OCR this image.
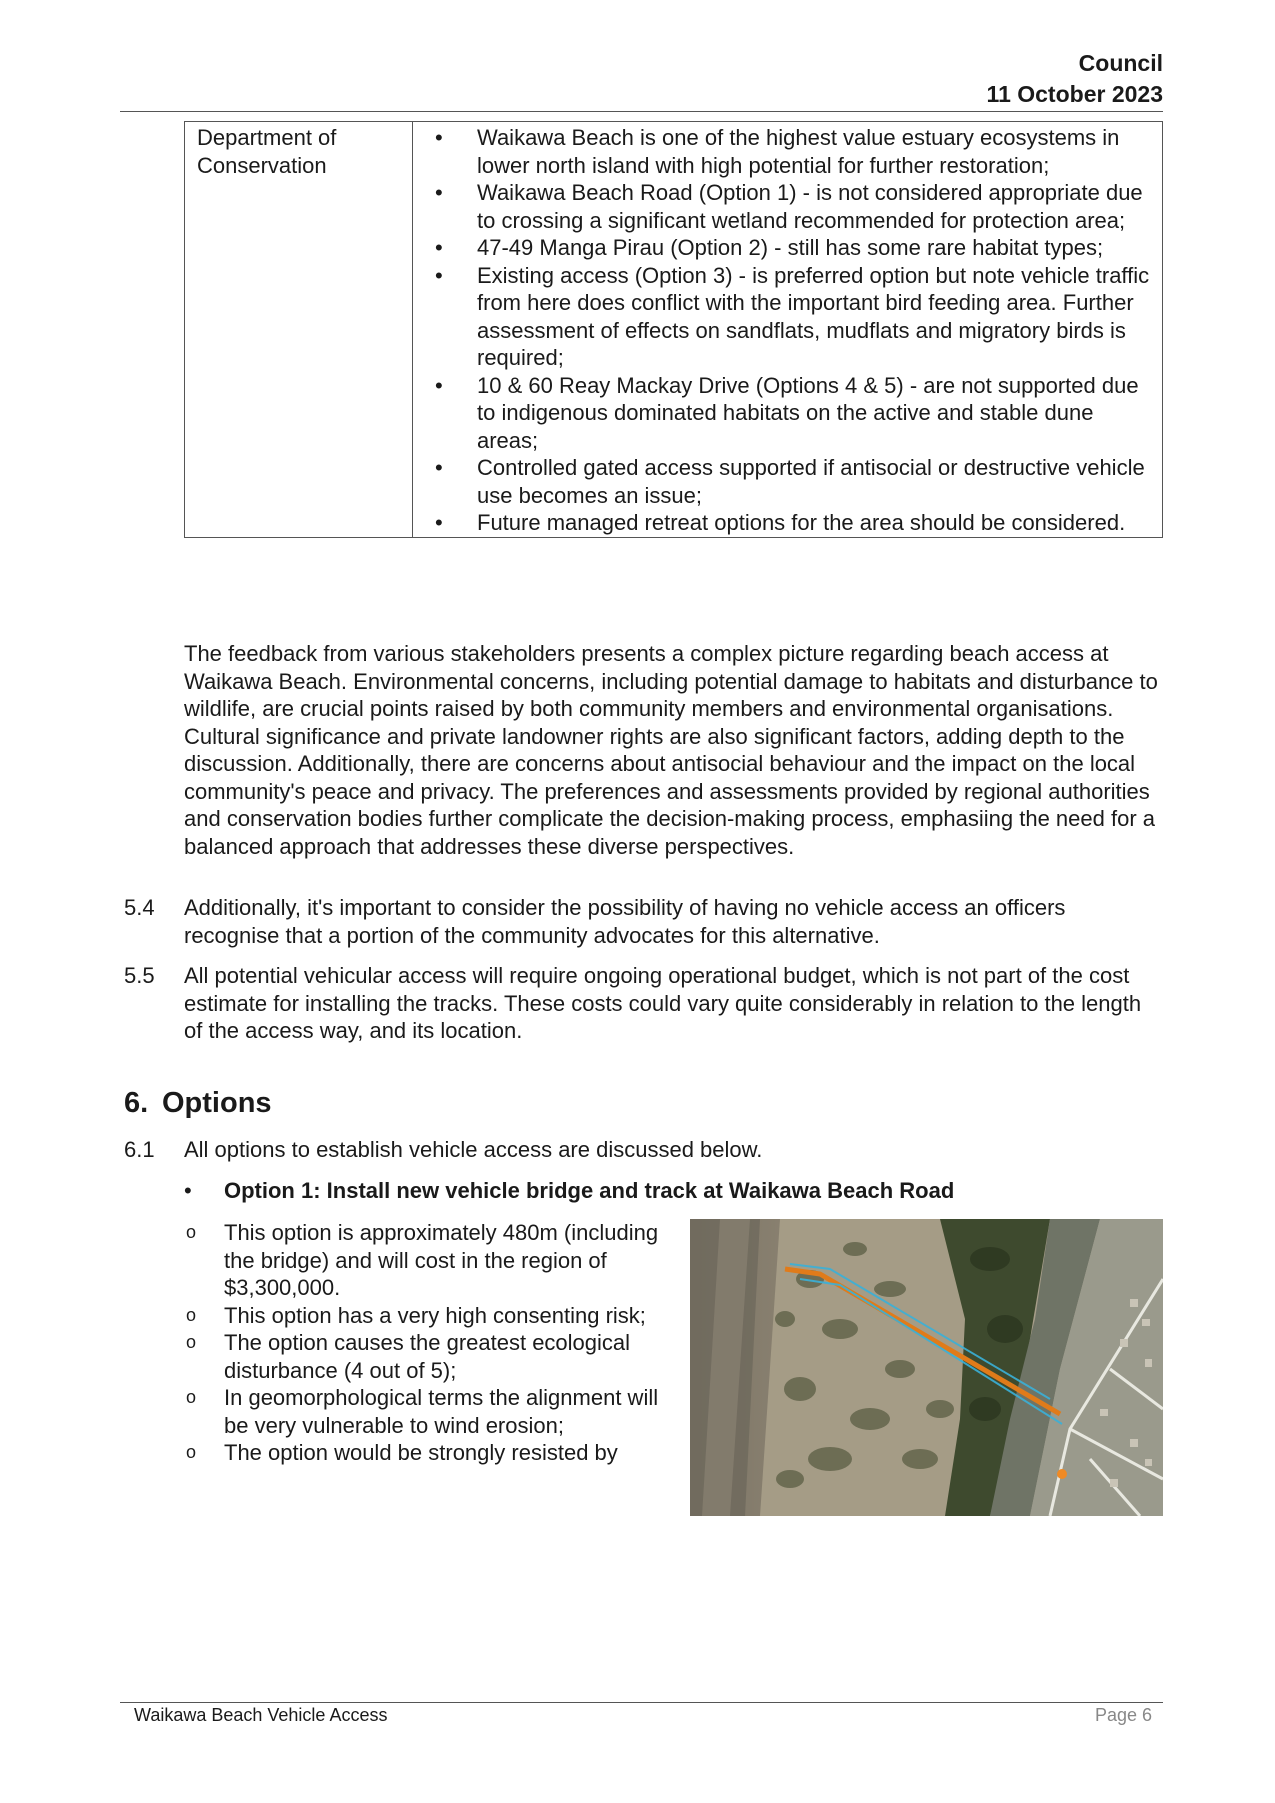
Council
11 October 2023
Department of Conservation	
• Waikawa Beach is one of the highest value estuary ecosystems in lower north island with high potential for further restoration;
• Waikawa Beach Road (Option 1) - is not considered appropriate due to crossing a significant wetland recommended for protection area;
• 47-49 Manga Pirau (Option 2) - still has some rare habitat types;
• Existing access (Option 3) - is preferred option but note vehicle traffic from here does conflict with the important bird feeding area. Further assessment of effects on sandflats, mudflats and migratory birds is required;
• 10 & 60 Reay Mackay Drive (Options 4 & 5) - are not supported due to indigenous dominated habitats on the active and stable dune areas;
• Controlled gated access supported if antisocial or destructive vehicle use becomes an issue;
• Future managed retreat options for the area should be considered.
The feedback from various stakeholders presents a complex picture regarding beach access at Waikawa Beach. Environmental concerns, including potential damage to habitats and disturbance to wildlife, are crucial points raised by both community members and environmental organisations. Cultural significance and private landowner rights are also significant factors, adding depth to the discussion. Additionally, there are concerns about antisocial behaviour and the impact on the local community's peace and privacy. The preferences and assessments provided by regional authorities and conservation bodies further complicate the decision-making process, emphasiing the need for a balanced approach that addresses these diverse perspectives.
5.4 Additionally, it's important to consider the possibility of having no vehicle access an officers recognise that a portion of the community advocates for this alternative.
5.5 All potential vehicular access will require ongoing operational budget, which is not part of the cost estimate for installing the tracks. These costs could vary quite considerably in relation to the length of the access way, and its location.
6. Options
6.1 All options to establish vehicle access are discussed below.
• Option 1: Install new vehicle bridge and track at Waikawa Beach Road
o This option is approximately 480m (including the bridge) and will cost in the region of $3,300,000.
o This option has a very high consenting risk;
o The option causes the greatest ecological disturbance (4 out of 5);
o In geomorphological terms the alignment will be very vulnerable to wind erosion;
o The option would be strongly resisted by
Waikawa Beach Vehicle Access	Page 6
